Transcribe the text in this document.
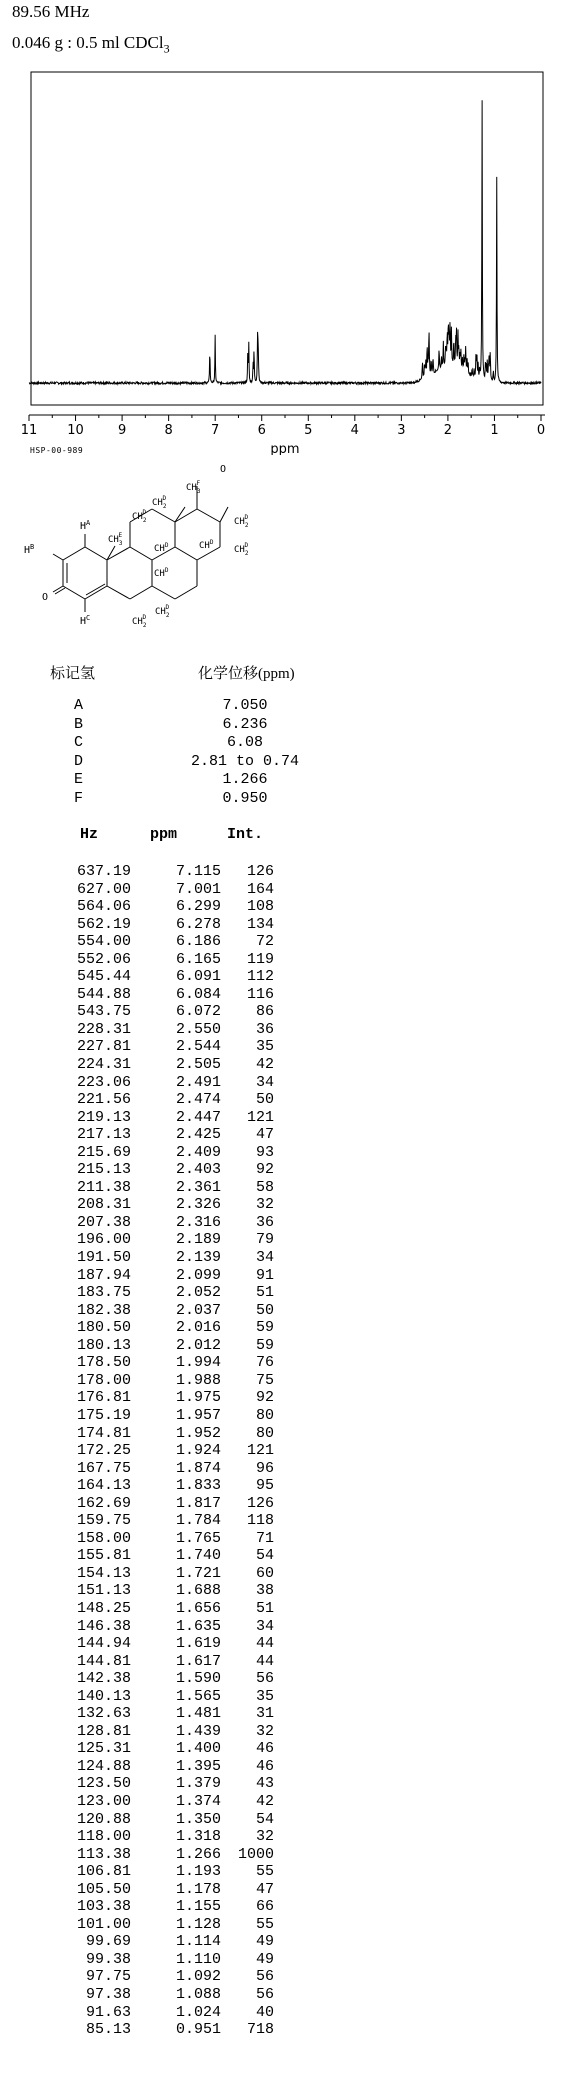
89.56 MHz
0.046 g : 0.5 ml CDCl$_3$
11 10	9	8	7	6	5	4	3	2	1	0
ppm
HSP-00-989
$H^A$
$H^B$
O
$H^C$
$CH_3E$
$CH_2D$
$CH^D$
$CH_2D$
$CH^D$
$CH_2D$
$CH_2D$
$CH_3F$
O
$CH_2D$
$CH_2D$
$CH^D$
标记氢	化学位移(ppm)
A	7.050
B	6.236
C	6.08
D	2.81 to 0.74
E	1.266
F	0.950
Hz	ppm	Int.
637.19	7.115 126
627.00	7.001 164
564.06	6.299 108
562.19	6.278 134
554.00	6.186 72
552.06	6.165 119
545.44	6.091 112
544.88	6.084 116
543.75	6.072 86
228.31	2.550 36
227.81	2.544 35
224.31	2.505 42
223.06	2.491 34
221.56	2.474 50
219.13	2.447 121
217.13	2.425 47
215.69	2.409 93
215.13	2.403 92
211.38	2.361 58
208.31	2.326 32
207.38	2.316 36
196.00	2.189 79
191.50	2.139 34
187.94	2.099 91
183.75	2.052 51
182.38	2.037 50
180.50	2.016 59
180.13	2.012 59
178.50	1.994 76
178.00	1.988 75
176.81	1.975 92
175.19	1.957 80
174.81	1.952 80
172.25	1.924 121
167.75	1.874 96
164.13	1.833 95
162.69	1.817 126
159.75	1.784 118
158.00	1.765 71
155.81	1.740 54
154.13	1.721 60
151.13	1.688 38
148.25	1.656 51
146.38	1.635 34
144.94	1.619 44
144.81	1.617 44
142.38	1.590 56
140.13	1.565 35
132.63	1.481 31
128.81	1.439 32
125.31	1.400 46
124.88	1.395 46
123.50	1.379 43
123.00	1.374 42
120.88	1.350 54
118.00	1.318 32
113.38	1.266 1000
106.81	1.193 55
105.50	1.178 47
103.38	1.155 66
101.00	1.128 55
99.69	1.114 49
99.38	1.110 49
97.75	1.092 56
97.38	1.088 56
91.63	1.024 40
85.13	0.951 718
